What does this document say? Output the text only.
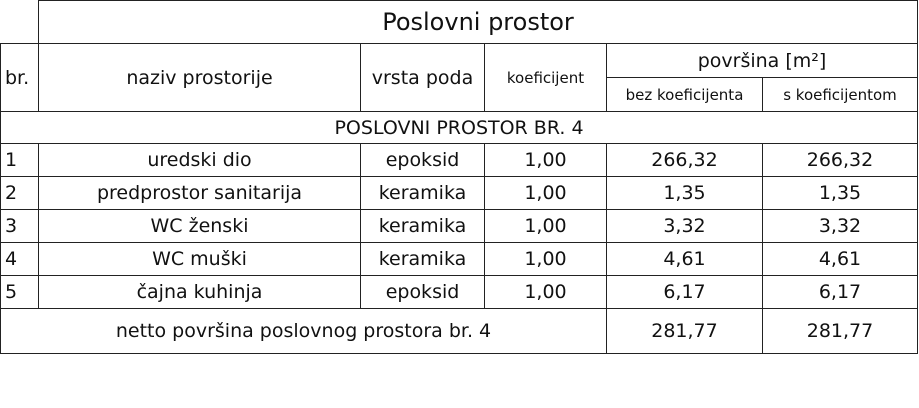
	Poslovni prostor				
br.	naziv prostorije	vrsta poda	koeficijent	površina [m²]	
				bez koeficijenta	s koeficijentom
POSLOVNI PROSTOR BR. 4					
1	uredski dio	epoksid	1,00	266,32	266,32
2	predprostor sanitarija	keramika	1,00	1,35	1,35
3	WC ženski	keramika	1,00	3,32	3,32
4	WC muški	keramika	1,00	4,61	4,61
5	čajna kuhinja	epoksid	1,00	6,17	6,17
netto površina poslovnog prostora br. 4				281,77	281,77
